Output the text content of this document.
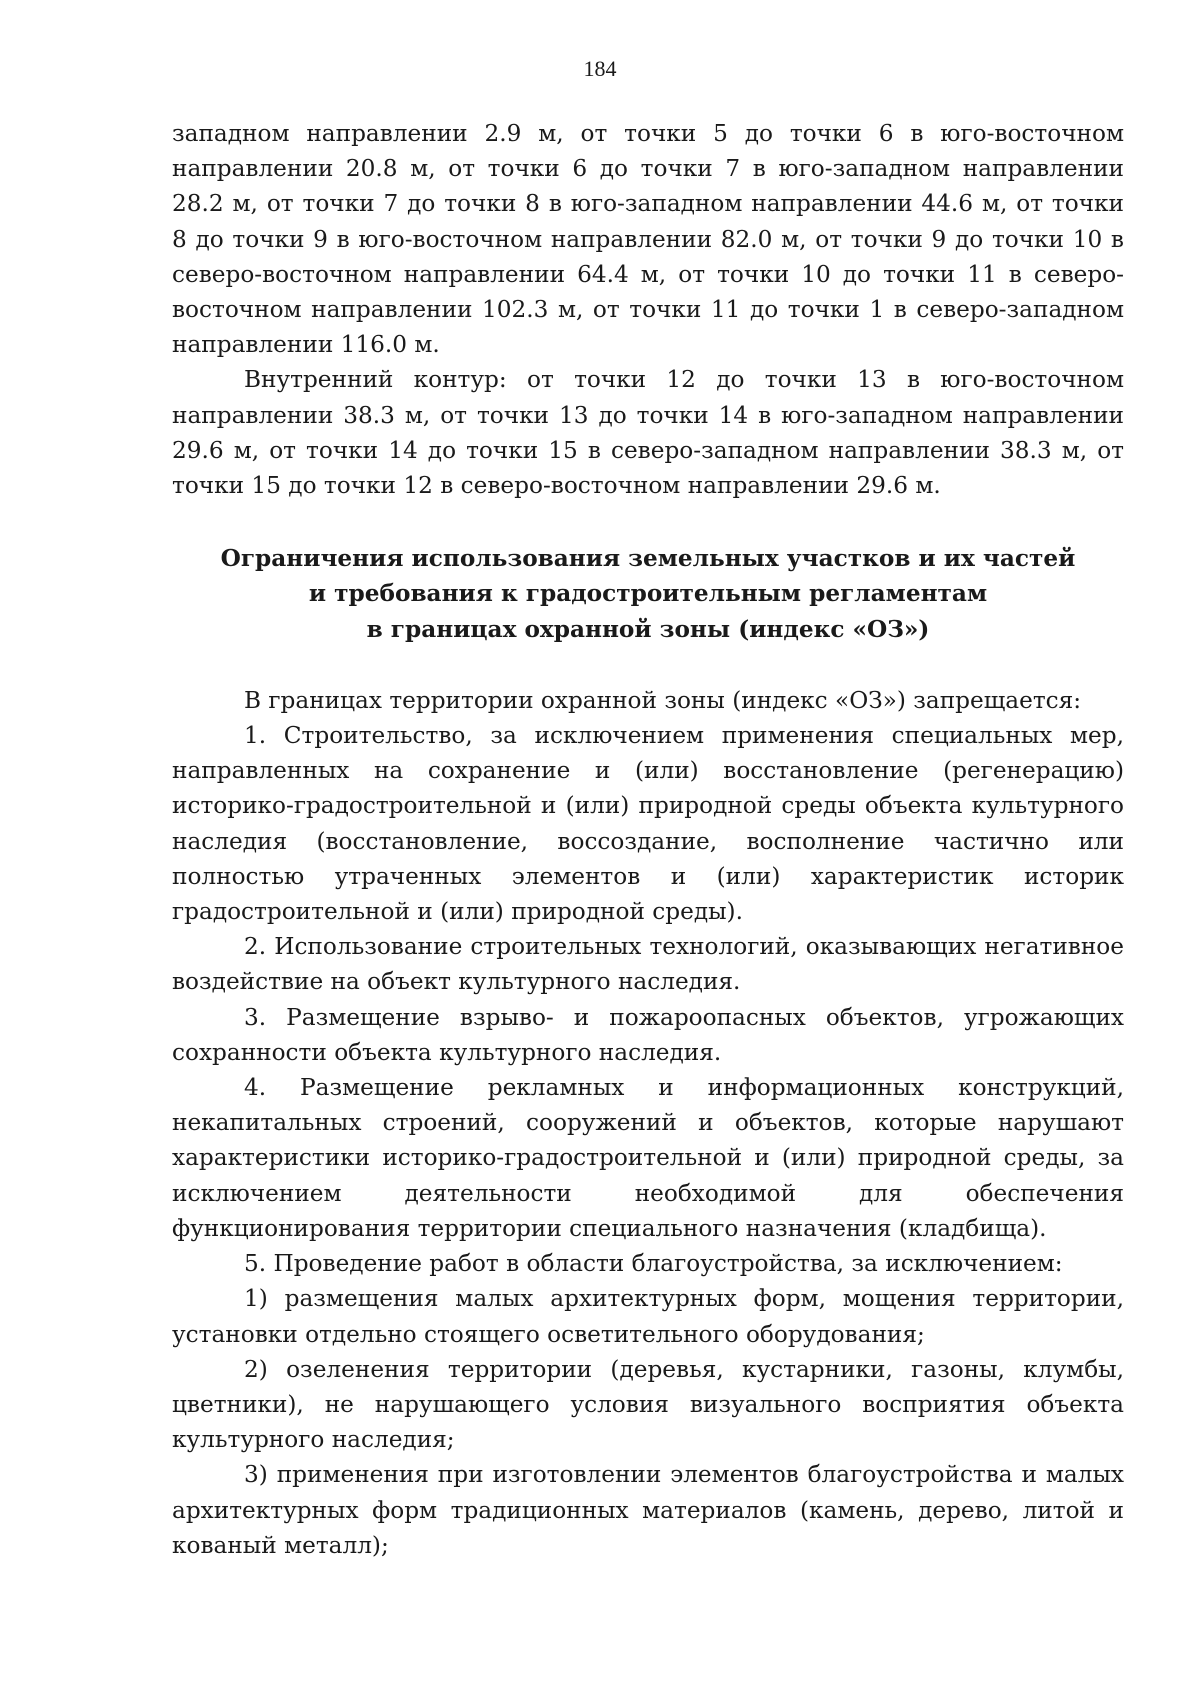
184

западном направлении 2.9 м, от точки 5 до точки 6 в юго-восточном направлении 20.8 м, от точки 6 до точки 7 в юго-западном направлении 28.2 м, от точки 7 до точки 8 в юго-западном направлении 44.6 м, от точки 8 до точки 9 в юго-восточном направлении 82.0 м, от точки 9 до точки 10 в северо-восточном направлении 64.4 м, от точки 10 до точки 11 в северо-восточном направлении 102.3 м, от точки 11 до точки 1 в северо-западном направлении 116.0 м.

Внутренний контур: от точки 12 до точки 13 в юго-восточном направлении 38.3 м, от точки 13 до точки 14 в юго-западном направлении 29.6 м, от точки 14 до точки 15 в северо-западном направлении 38.3 м, от точки 15 до точки 12 в северо-восточном направлении 29.6 м.

Ограничения использования земельных участков и их частей
и требования к градостроительным регламентам
в границах охранной зоны (индекс «ОЗ»)

В границах территории охранной зоны (индекс «ОЗ») запрещается:

1. Строительство, за исключением применения специальных мер, направленных на сохранение и (или) восстановление (регенерацию) историко-градостроительной и (или) природной среды объекта культурного наследия (восстановление, воссоздание, восполнение частично или полностью утраченных элементов и (или) характеристик историк градостроительной и (или) природной среды).

2. Использование строительных технологий, оказывающих негативное воздействие на объект культурного наследия.

3. Размещение взрыво- и пожароопасных объектов, угрожающих сохранности объекта культурного наследия.

4. Размещение рекламных и информационных конструкций, некапитальных строений, сооружений и объектов, которые нарушают характеристики историко-градостроительной и (или) природной среды, за исключением деятельности необходимой для обеспечения функционирования территории специального назначения (кладбища).

5. Проведение работ в области благоустройства, за исключением:

1) размещения малых архитектурных форм, мощения территории, установки отдельно стоящего осветительного оборудования;

2) озеленения территории (деревья, кустарники, газоны, клумбы, цветники), не нарушающего условия визуального восприятия объекта культурного наследия;

3) применения при изготовлении элементов благоустройства и малых архитектурных форм традиционных материалов (камень, дерево, литой и кованый металл);
